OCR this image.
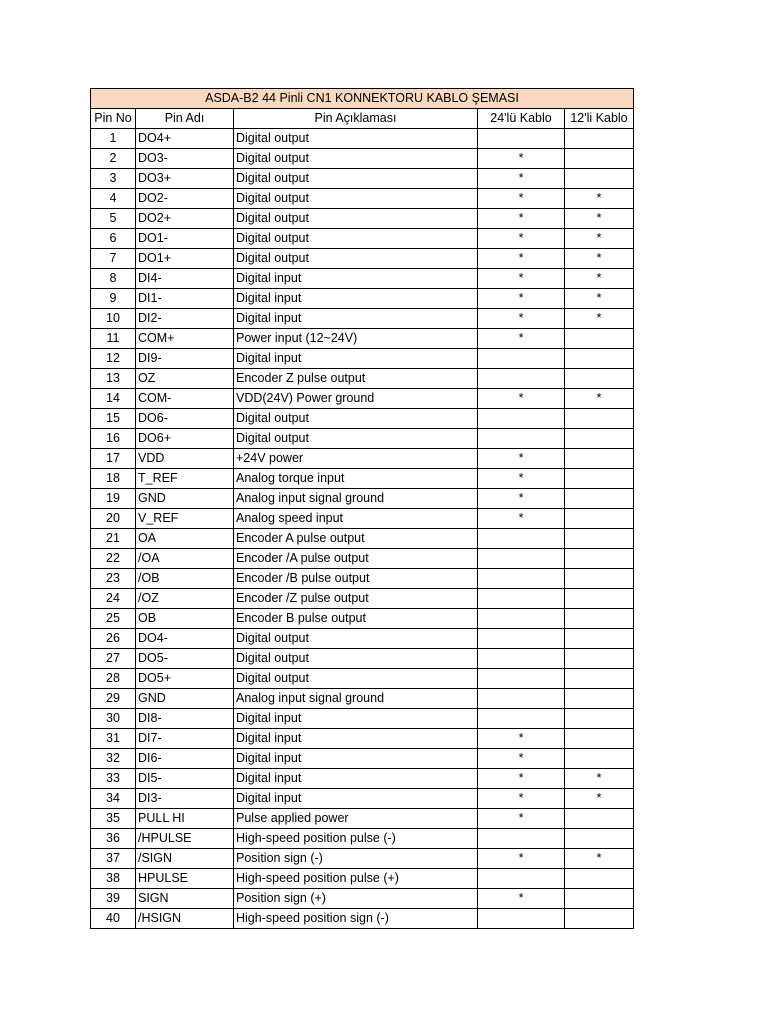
ASDA-B2 44 Pinli CN1 KONNEKTORU KABLO ŞEMASI				
Pin No	Pin Adı	Pin Açıklaması	24'lü Kablo	12'li Kablo
1	DO4+	Digital output		
2	DO3-	Digital output	*	
3	DO3+	Digital output	*	
4	DO2-	Digital output	*	*
5	DO2+	Digital output	*	*
6	DO1-	Digital output	*	*
7	DO1+	Digital output	*	*
8	DI4-	Digital input	*	*
9	DI1-	Digital input	*	*
10	DI2-	Digital input	*	*
11	COM+	Power input (12~24V)	*	
12	DI9-	Digital input		
13	OZ	Encoder Z pulse output		
14	COM-	VDD(24V) Power ground	*	*
15	DO6-	Digital output		
16	DO6+	Digital output		
17	VDD	+24V power	*	
18	T_REF	Analog torque input	*	
19	GND	Analog input signal ground	*	
20	V_REF	Analog speed input	*	
21	OA	Encoder A pulse output		
22	/OA	Encoder /A pulse output		
23	/OB	Encoder /B pulse output		
24	/OZ	Encoder /Z pulse output		
25	OB	Encoder B pulse output		
26	DO4-	Digital output		
27	DO5-	Digital output		
28	DO5+	Digital output		
29	GND	Analog input signal ground		
30	DI8-	Digital input		
31	DI7-	Digital input	*	
32	DI6-	Digital input	*	
33	DI5-	Digital input	*	*
34	DI3-	Digital input	*	*
35	PULL HI	Pulse applied power	*	
36	/HPULSE	High-speed position pulse (-)		
37	/SIGN	Position sign (-)	*	*
38	HPULSE	High-speed position pulse (+)		
39	SIGN	Position sign (+)	*	
40	/HSIGN	High-speed position sign (-)		
